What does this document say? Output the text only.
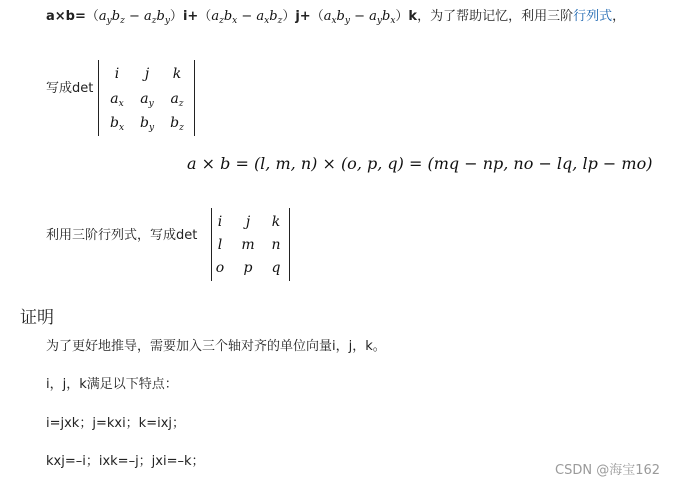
$a\times b=(a_yb_z - a_zb_y)i+(a_zb_x - a_xb_z)j+(a_xb_y - a_yb_x)k$，为了帮助记忆，利用三阶行列式，
写成det
i	j	k
$a_x$	$a_y$	$a_z$
$b_x$	$b_y$	$b_z$
a × b = (l, m, n) × (o, p, q) = (mq − np, no − lq, lp − mo)
利用三阶行列式，写成det
i	j	k
l	m	n
o	p	q
证明
为了更好地推导，需要加入三个轴对齐的单位向量i，j，k。
i，j，k满足以下特点：
i=jxk；j=kxi；k=ixj；
kxj=–i；ixk=–j；jxi=–k；
CSDN @海宝162
